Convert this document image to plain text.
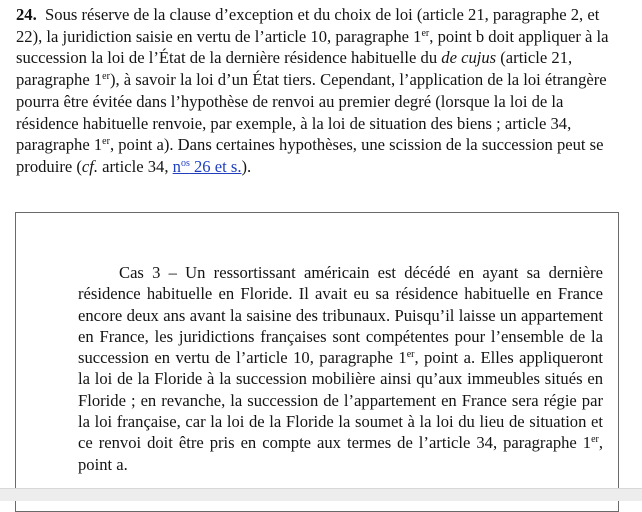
24. Sous réserve de la clause d’exception et du choix de loi (article 21, paragraphe 2, et 22), la juridiction saisie en vertu de l’article 10, paragraphe 1er, point b doit appliquer à la succession la loi de l’État de la dernière résidence habituelle du de cujus (article 21, paragraphe 1er), à savoir la loi d’un État tiers. Cependant, l’application de la loi étrangère pourra être évitée dans l’hypothèse de renvoi au premier degré (lorsque la loi de la résidence habituelle renvoie, par exemple, à la loi de situation des biens ; article 34, paragraphe 1er, point a). Dans certaines hypothèses, une scission de la succession peut se produire (cf. article 34, $n^{os}$ 26 et s.).

Cas 3 – Un ressortissant américain est décédé en ayant sa dernière résidence habituelle en Floride. Il avait eu sa résidence habituelle en France encore deux ans avant la saisine des tribunaux. Puisqu’il laisse un appartement en France, les juridictions françaises sont compétentes pour l’ensemble de la succession en vertu de l’article 10, paragraphe 1er, point a. Elles appliqueront la loi de la Floride à la succession mobilière ainsi qu’aux immeubles situés en Floride ; en revanche, la succession de l’appartement en France sera régie par la loi française, car la loi de la Floride la soumet à la loi du lieu de situation et ce renvoi doit être pris en compte aux termes de l’article 34, paragraphe 1er, point a.
